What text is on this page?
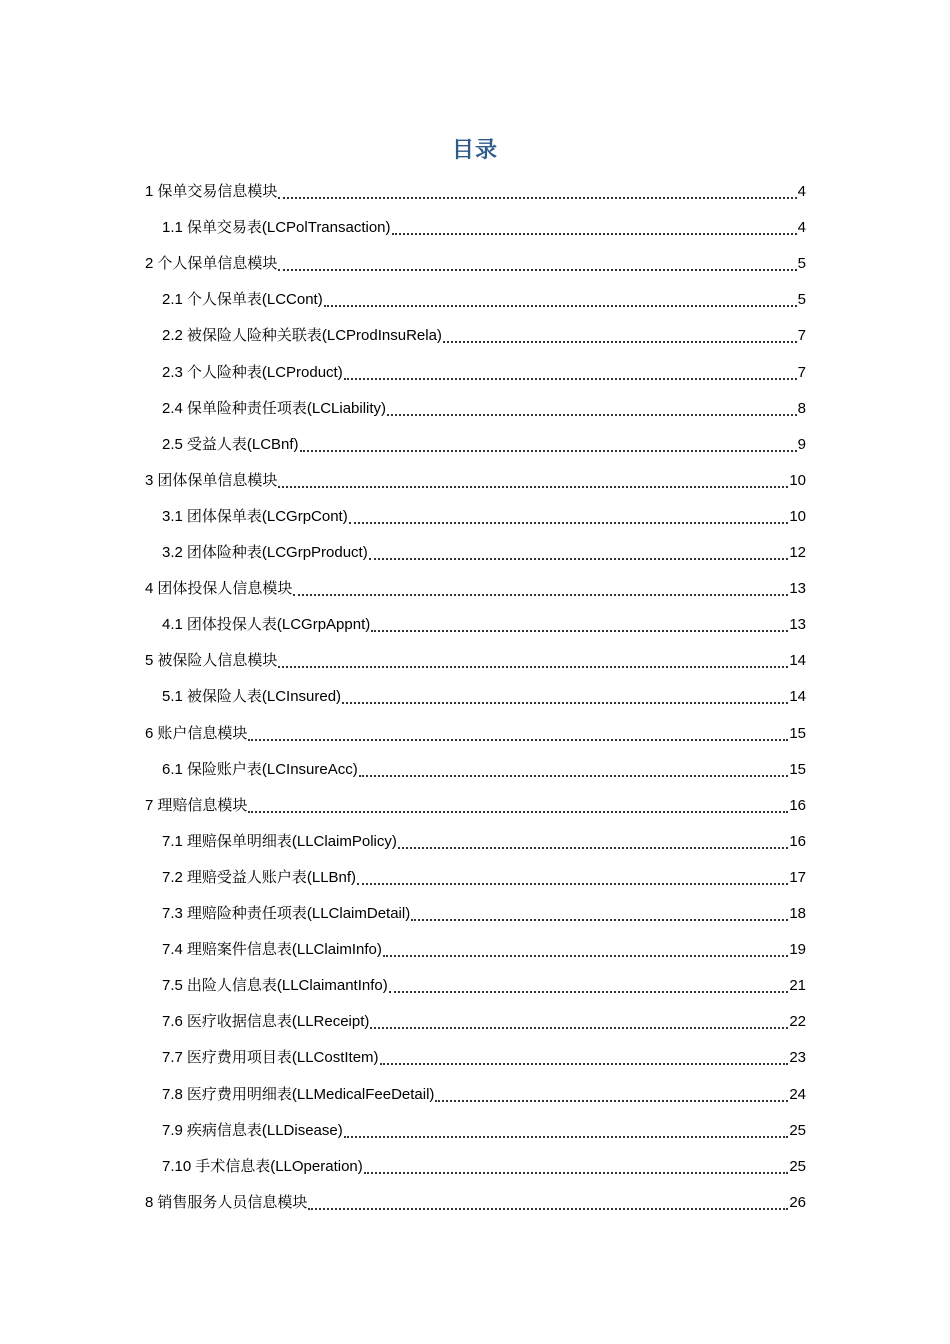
目录
1 保单交易信息模块	4
1.1 保单交易表(LCPolTransaction)	4
2 个人保单信息模块	5
2.1 个人保单表(LCCont)	5
2.2 被保险人险种关联表(LCProdInsuRela)	7
2.3 个人险种表(LCProduct)	7
2.4 保单险种责任项表(LCLiability)	8
2.5 受益人表(LCBnf)	9
3 团体保单信息模块	10
3.1 团体保单表(LCGrpCont)	10
3.2 团体险种表(LCGrpProduct)	12
4 团体投保人信息模块	13
4.1 团体投保人表(LCGrpAppnt)	13
5 被保险人信息模块	14
5.1 被保险人表(LCInsured)	14
6 账户信息模块	15
6.1 保险账户表(LCInsureAcc)	15
7 理赔信息模块	16
7.1 理赔保单明细表(LLClaimPolicy)	16
7.2 理赔受益人账户表(LLBnf)	17
7.3 理赔险种责任项表(LLClaimDetail)	18
7.4 理赔案件信息表(LLClaimInfo)	19
7.5 出险人信息表(LLClaimantInfo)	21
7.6 医疗收据信息表(LLReceipt)	22
7.7 医疗费用项目表(LLCostItem)	23
7.8 医疗费用明细表(LLMedicalFeeDetail)	24
7.9 疾病信息表(LLDisease)	25
7.10 手术信息表(LLOperation)	25
8 销售服务人员信息模块	26
